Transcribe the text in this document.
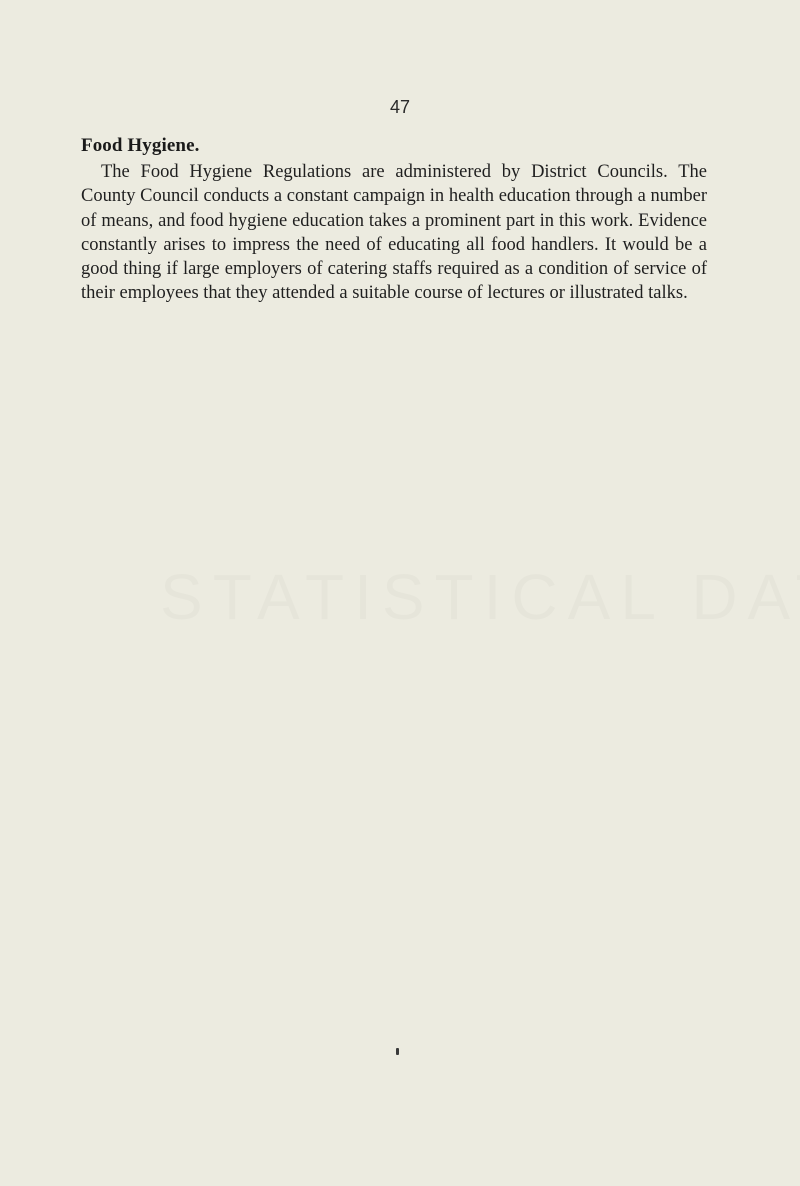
47
Food Hygiene.

The Food Hygiene Regulations are administered by District Councils. The County Council conducts a constant campaign in health education through a number of means, and food hygiene education takes a prominent part in this work. Evidence constantly arises to impress the need of educating all food handlers. It would be a good thing if large employers of catering staffs required as a condition of service of their employees that they attended a suitable course of lectures or illustrated talks.
